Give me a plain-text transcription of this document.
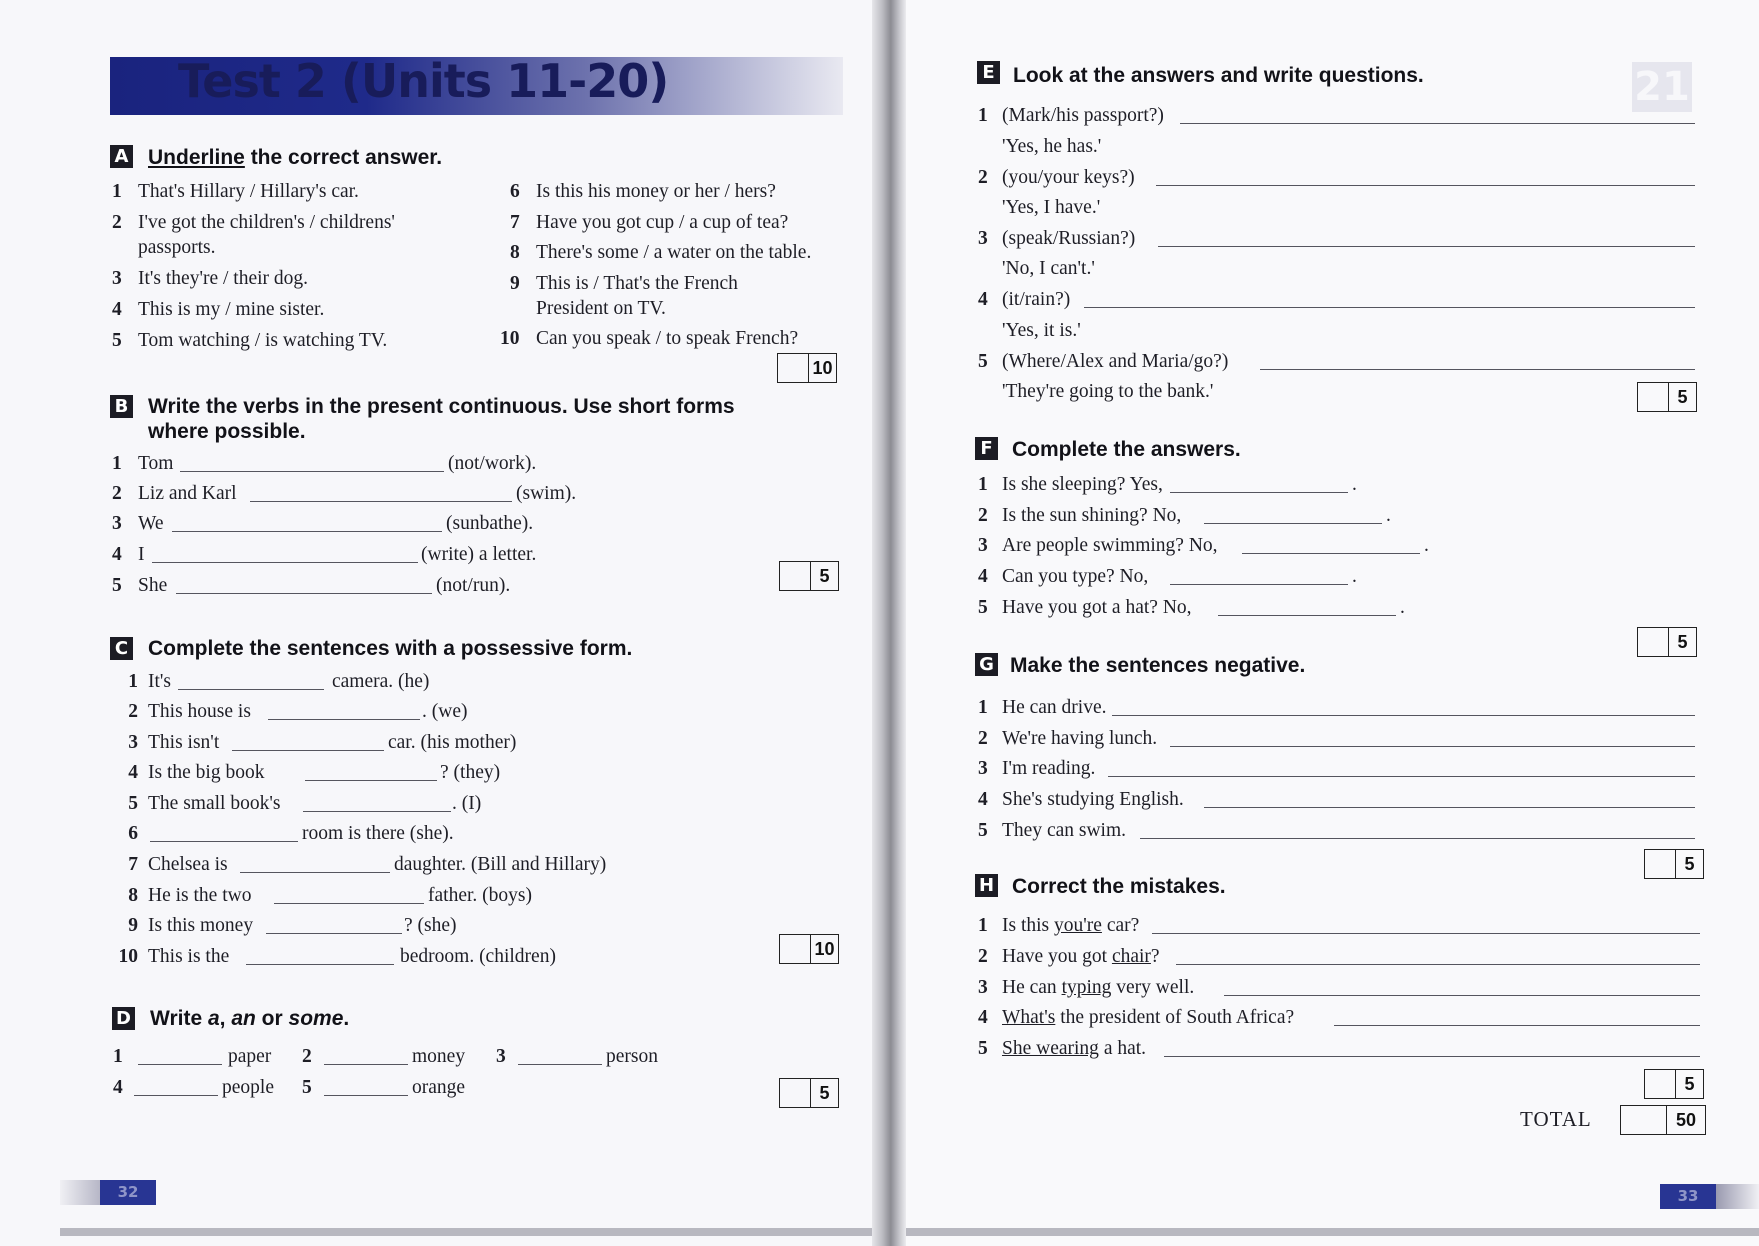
Test 2 (Units 11-20)
A Underline the correct answer.
1 That's Hillary / Hillary's car.
2 I've got the children's / childrens'
passports.
3 It's they're / their dog.
4 This is my / mine sister.
5 Tom watching / is watching TV.
6 Is this his money or her / hers?
7 Have you got cup / a cup of tea?
8 There's some / a water on the table.
9 This is / That's the French
President on TV.
10 Can you speak / to speak French?
10
B Write the verbs in the present continuous. Use short forms
where possible.
1 Tom	(not/work).
2 Liz and Karl	(swim).
3 We	(sunbathe).
4 I	(write) a letter.
5 She	(not/run).	5
C Complete the sentences with a possessive form.
1 It's	camera. (he)
2 This house is	. (we)
3 This isn't	car. (his mother)
4 Is the big book	? (they)
5 The small book's	. (I)
6	room is there (she).
7 Chelsea is	daughter. (Bill and Hillary)
8 He is the two	father. (boys)
9 Is this money	? (she)
10 This is the	bedroom. (children)	10
D Write a, an or some.
1	paper 2	money 3	person
4	people 5	orange	5
32
21
E Look at the answers and write questions.
1 (Mark/his passport?)
'Yes, he has.'
2 (you/your keys?)
'Yes, I have.'
3 (speak/Russian?)
'No, I can't.'
4 (it/rain?)
'Yes, it is.'
5 (Where/Alex and Maria/go?)
'They're going to the bank.'	5
F Complete the answers.
1 Is she sleeping? Yes,	.
2 Is the sun shining? No,	.
3 Are people swimming? No,	.
4 Can you type? No,	.
5 Have you got a hat? No,	.
5
G Make the sentences negative.
1 He can drive.
2 We're having lunch.
3 I'm reading.
4 She's studying English.
5 They can swim.
5
H Correct the mistakes.
1 Is this you're car?
2 Have you got chair?
3 He can typing very well.
4 What's the president of South Africa?
5 She wearing a hat.
5
TOTAL	50
33
